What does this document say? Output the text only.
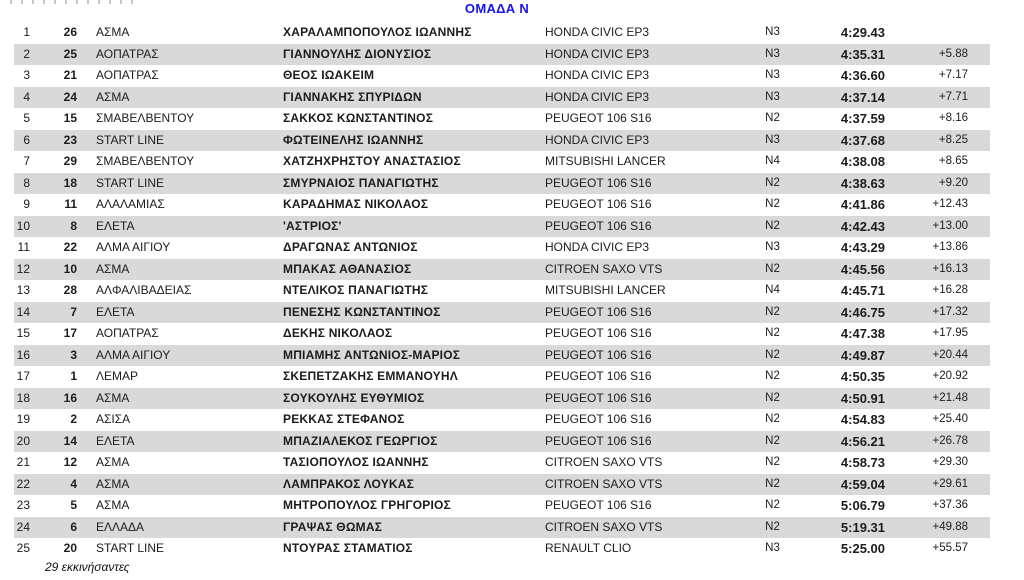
ΟΜΑΔΑ Ν
1	26	ΑΣΜΑ	ΧΑΡΑΛΑΜΠΟΠΟΥΛΟΣ ΙΩΑΝΝΗΣ	HONDA CIVIC EP3	N3	4:29.43
2	25	ΑΟΠΑΤΡΑΣ	ΓΙΑΝΝΟΥΛΗΣ ΔΙΟΝΥΣΙΟΣ	HONDA CIVIC EP3	N3	4:35.31	+5.88
3	21	ΑΟΠΑΤΡΑΣ	ΘΕΟΣ ΙΩΑΚΕΙΜ	HONDA CIVIC EP3	N3	4:36.60	+7.17
4	24	ΑΣΜΑ	ΓΙΑΝΝΑΚΗΣ ΣΠΥΡΙΔΩΝ	HONDA CIVIC EP3	N3	4:37.14	+7.71
5	15	ΣΜΑΒΕΛΒΕΝΤΟΥ	ΣΑΚΚΟΣ ΚΩΝΣΤΑΝΤΙΝΟΣ	PEUGEOT 106 S16	N2	4:37.59	+8.16
6	23	START LINE	ΦΩΤΕΙΝΕΛΗΣ ΙΩΑΝΝΗΣ	HONDA CIVIC EP3	N3	4:37.68	+8.25
7	29	ΣΜΑΒΕΛΒΕΝΤΟΥ	ΧΑΤΖΗΧΡΗΣΤΟΥ ΑΝΑΣΤΑΣΙΟΣ	MITSUBISHI LANCER	N4	4:38.08	+8.65
8	18	START LINE	ΣΜΥΡΝΑΙΟΣ ΠΑΝΑΓΙΩΤΗΣ	PEUGEOT 106 S16	N2	4:38.63	+9.20
9	11	ΑΛΑΛΑΜΙΑΣ	ΚΑΡΑΔΗΜΑΣ ΝΙΚΟΛΑΟΣ	PEUGEOT 106 S16	N2	4:41.86	+12.43
10	8	ΕΛΕΤΑ	'ΑΣΤΡΙΟΣ'	PEUGEOT 106 S16	N2	4:42.43	+13.00
11	22	ΑΛΜΑ ΑΙΓΙΟΥ	ΔΡΑΓΩΝΑΣ ΑΝΤΩΝΙΟΣ	HONDA CIVIC EP3	N3	4:43.29	+13.86
12	10	ΑΣΜΑ	ΜΠΑΚΑΣ ΑΘΑΝΑΣΙΟΣ	CITROEN SAXO VTS	N2	4:45.56	+16.13
13	28	ΑΛΦΑΛΙΒΑΔΕΙΑΣ	ΝΤΕΛΙΚΟΣ ΠΑΝΑΓΙΩΤΗΣ	MITSUBISHI LANCER	N4	4:45.71	+16.28
14	7	ΕΛΕΤΑ	ΠΕΝΕΣΗΣ ΚΩΝΣΤΑΝΤΙΝΟΣ	PEUGEOT 106 S16	N2	4:46.75	+17.32
15	17	ΑΟΠΑΤΡΑΣ	ΔΕΚΗΣ ΝΙΚΟΛΑΟΣ	PEUGEOT 106 S16	N2	4:47.38	+17.95
16	3	ΑΛΜΑ ΑΙΓΙΟΥ	ΜΠΙΑΜΗΣ ΑΝΤΩΝΙΟΣ-ΜΑΡΙΟΣ	PEUGEOT 106 S16	N2	4:49.87	+20.44
17	1	ΛΕΜΑΡ	ΣΚΕΠΕΤΖΑΚΗΣ ΕΜΜΑΝΟΥΗΛ	PEUGEOT 106 S16	N2	4:50.35	+20.92
18	16	ΑΣΜΑ	ΣΟΥΚΟΥΛΗΣ ΕΥΘΥΜΙΟΣ	PEUGEOT 106 S16	N2	4:50.91	+21.48
19	2	ΑΣΙΣΑ	ΡΕΚΚΑΣ ΣΤΕΦΑΝΟΣ	PEUGEOT 106 S16	N2	4:54.83	+25.40
20	14	ΕΛΕΤΑ	ΜΠΑΖΙΑΛΕΚΟΣ ΓΕΩΡΓΙΟΣ	PEUGEOT 106 S16	N2	4:56.21	+26.78
21	12	ΑΣΜΑ	ΤΑΣΙΟΠΟΥΛΟΣ ΙΩΑΝΝΗΣ	CITROEN SAXO VTS	N2	4:58.73	+29.30
22	4	ΑΣΜΑ	ΛΑΜΠΡΑΚΟΣ ΛΟΥΚΑΣ	CITROEN SAXO VTS	N2	4:59.04	+29.61
23	5	ΑΣΜΑ	ΜΗΤΡΟΠΟΥΛΟΣ ΓΡΗΓΟΡΙΟΣ	PEUGEOT 106 S16	N2	5:06.79	+37.36
24	6	ΕΛΛΑΔΑ	ΓΡΑΨΑΣ ΘΩΜΑΣ	CITROEN SAXO VTS	N2	5:19.31	+49.88
25	20	START LINE	ΝΤΟΥΡΑΣ ΣΤΑΜΑΤΙΟΣ	RENAULT CLIO	N3	5:25.00	+55.57
29 εκκινήσαντες
